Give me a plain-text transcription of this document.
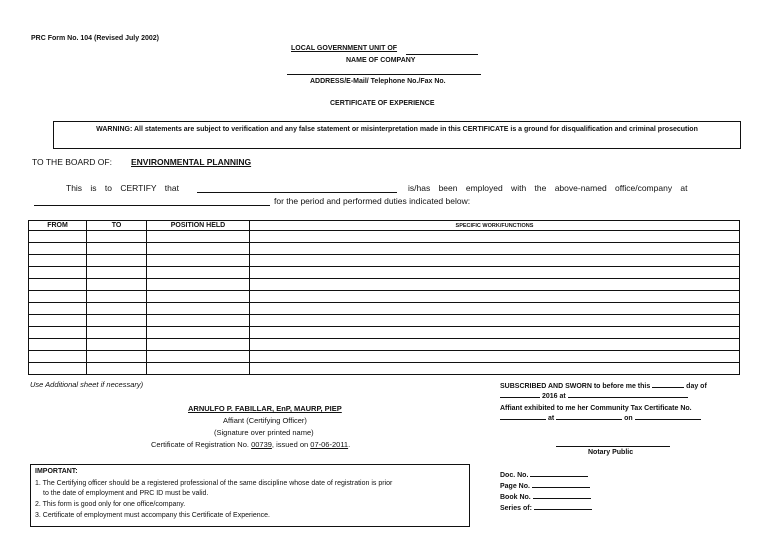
PRC Form No. 104 (Revised July 2002)
LOCAL GOVERNMENT UNIT OF
NAME OF COMPANY
ADDRESS/E-Mail/ Telephone No./Fax No.
CERTIFICATE OF EXPERIENCE
WARNING: All statements are subject to verification and any false statement or misinterpretation made in this CERTIFICATE is a ground for disqualification and criminal prosecution
TO THE BOARD OF: ENVIRONMENTAL PLANNING
This is to CERTIFY that	is/has been employed with the above-named office/company at
for the period and performed duties indicated below:
FROM	TO	POSITION HELD	SPECIFIC WORK/FUNCTIONS

Use Additional sheet if necessary)
ARNULFO P. FABILLAR, EnP, MAURP, PIEP
Affiant (Certifying Officer)
(Signature over printed name)
Certificate of Registration No. 00739, issued on 07-06-2011.
SUBSCRIBED AND SWORN to before me this	day of
2016 at
Affiant exhibited to me her Community Tax Certificate No.
at	on
Notary Public
IMPORTANT:
1. The Certifying officer should be a registered professional of the same discipline whose date of registration is prior
to the date of employment and PRC ID must be valid.
2. This form is good only for one office/company.
3. Certificate of employment must accompany this Certificate of Experience.
Doc. No.
Page No.
Book No.
Series of:
